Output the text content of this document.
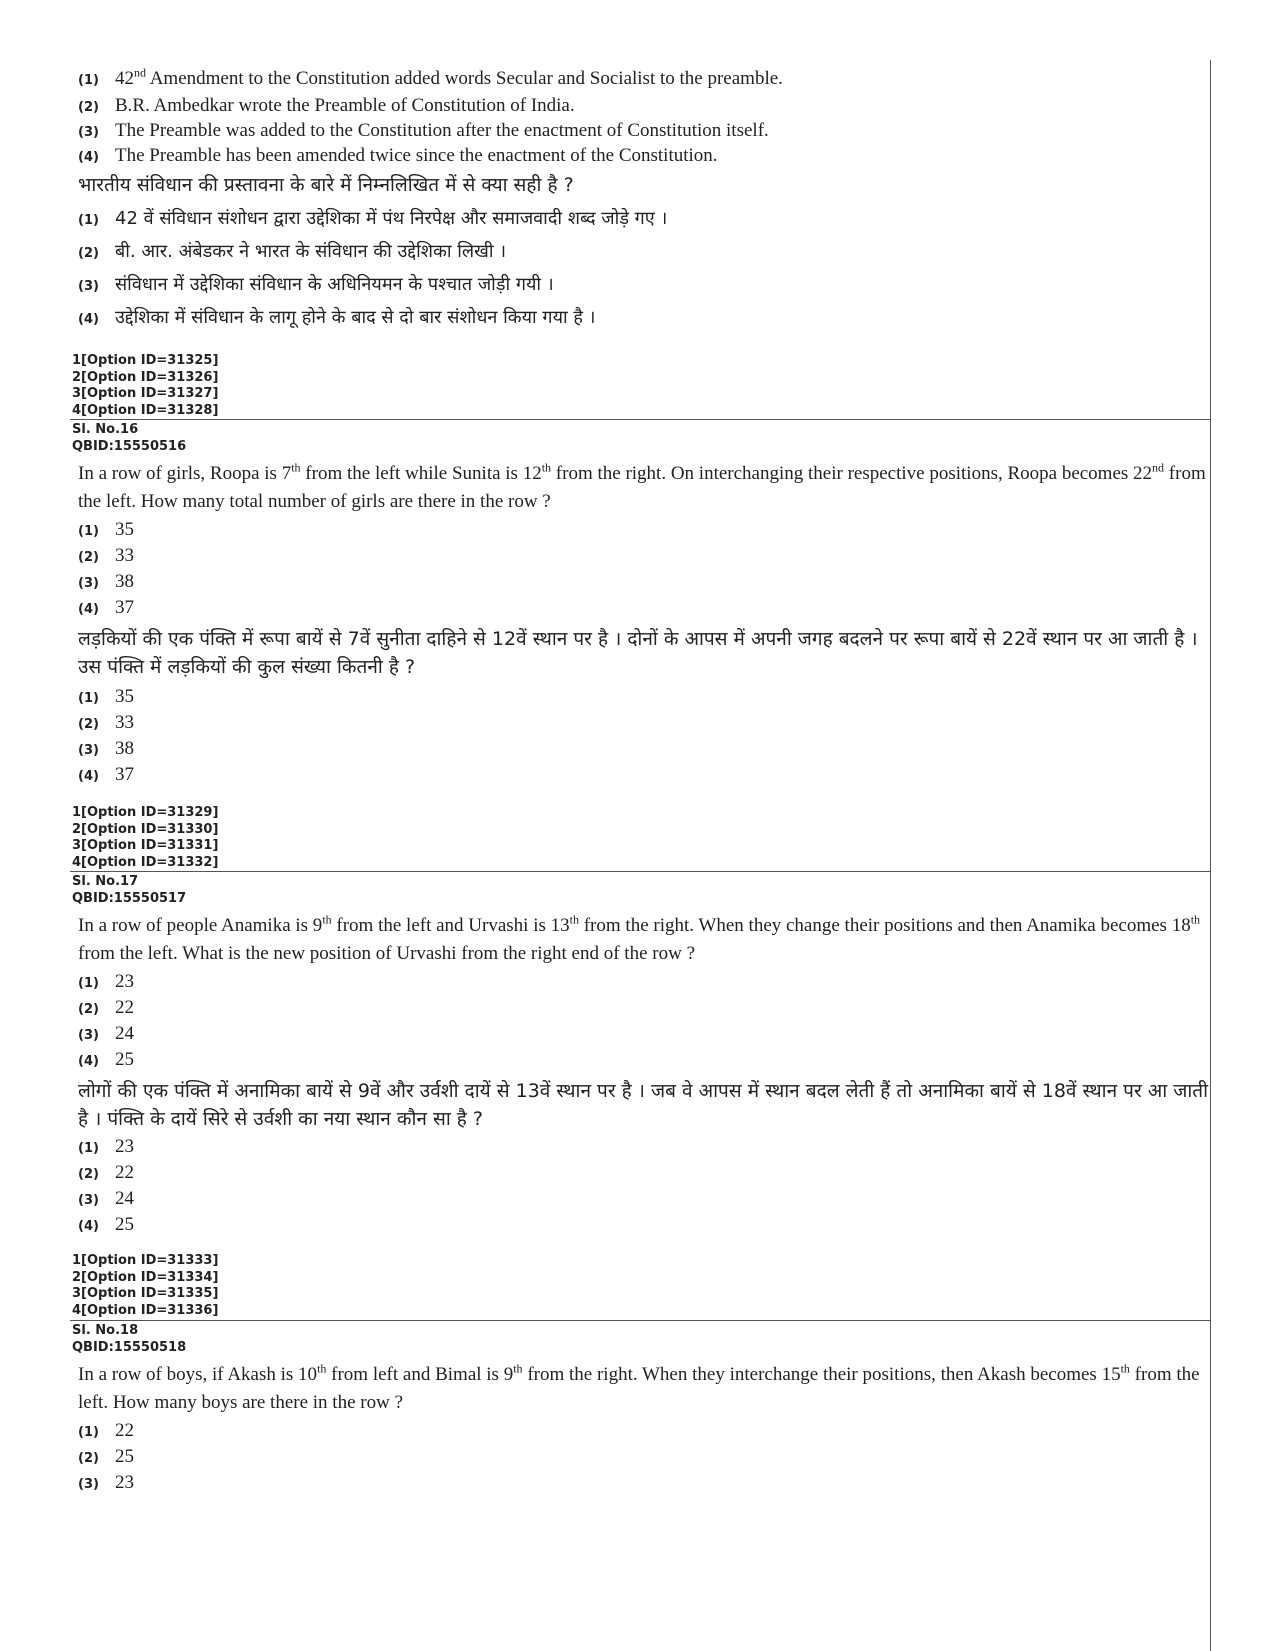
(1) 42nd Amendment to the Constitution added words Secular and Socialist to the preamble.
(2) B.R. Ambedkar wrote the Preamble of Constitution of India.
(3) The Preamble was added to the Constitution after the enactment of Constitution itself.
(4) The Preamble has been amended twice since the enactment of the Constitution.

भारतीय संविधान की प्रस्तावना के बारे में निम्नलिखित में से क्या सही है ?

(1) 42 वें संविधान संशोधन द्वारा उद्देशिका में पंथ निरपेक्ष और समाजवादी शब्द जोड़े गए ।
(2) बी. आर. अंबेडकर ने भारत के संविधान की उद्देशिका लिखी ।
(3) संविधान में उद्देशिका संविधान के अधिनियमन के पश्चात जोड़ी गयी ।
(4) उद्देशिका में संविधान के लागू होने के बाद से दो बार संशोधन किया गया है ।

1[Option ID=31325]

2[Option ID=31326]

3[Option ID=31327]

4[Option ID=31328]

Sl. No.16

QBID:15550516

In a row of girls, Roopa is 7th from the left while Sunita is 12th from the right. On interchanging their respective positions, Roopa becomes 22nd from the left. How many total number of girls are there in the row ?

(1) 35
(2) 33
(3) 38
(4) 37

लड़कियों की एक पंक्ति में रूपा बायें से 7वें सुनीता दाहिने से 12वें स्थान पर है । दोनों के आपस में अपनी जगह बदलने पर रूपा बायें से 22वें स्थान पर आ जाती है । उस पंक्ति में लड़कियों की कुल संख्या कितनी है ?

(1) 35
(2) 33
(3) 38
(4) 37

1[Option ID=31329]

2[Option ID=31330]

3[Option ID=31331]

4[Option ID=31332]

Sl. No.17

QBID:15550517

In a row of people Anamika is 9th from the left and Urvashi is 13th from the right. When they change their positions and then Anamika becomes 18th from the left. What is the new position of Urvashi from the right end of the row ?

(1) 23
(2) 22
(3) 24
(4) 25

लोगों की एक पंक्ति में अनामिका बायें से 9वें और उर्वशी दायें से 13वें स्थान पर है । जब वे आपस में स्थान बदल लेती हैं तो अनामिका बायें से 18वें स्थान पर आ जाती है । पंक्ति के दायें सिरे से उर्वशी का नया स्थान कौन सा है ?

(1) 23
(2) 22
(3) 24
(4) 25

1[Option ID=31333]

2[Option ID=31334]

3[Option ID=31335]

4[Option ID=31336]

Sl. No.18

QBID:15550518

In a row of boys, if Akash is 10th from left and Bimal is 9th from the right. When they interchange their positions, then Akash becomes 15th from the left. How many boys are there in the row ?

(1) 22
(2) 25
(3) 23
